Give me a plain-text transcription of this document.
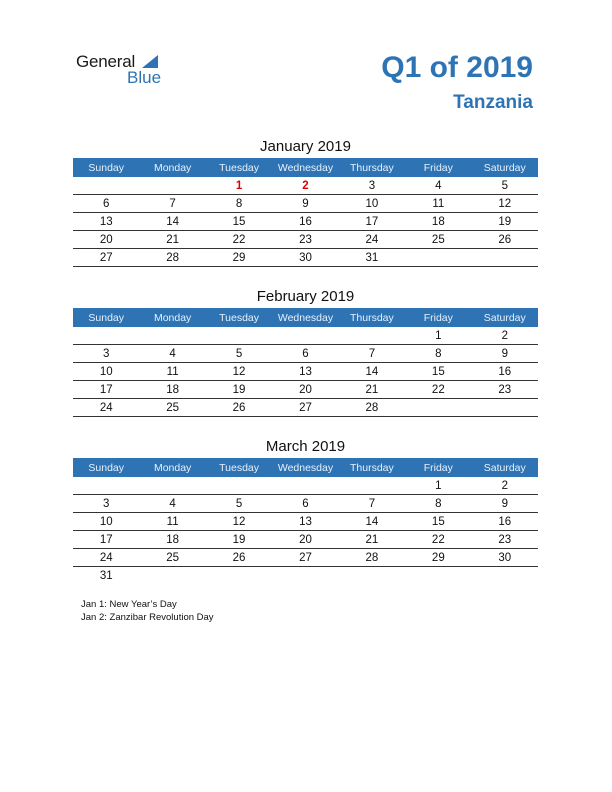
General
Blue	Q1 of 2019
Tanzania
January 2019
Sunday	Monday	Tuesday	Wednesday	Thursday	Friday	Saturday
		1	2	3	4	5
6	7	8	9	10	11	12
13	14	15	16	17	18	19
20	21	22	23	24	25	26
27	28	29	30	31		
February 2019
Sunday	Monday	Tuesday	Wednesday	Thursday	Friday	Saturday
					1	2
3	4	5	6	7	8	9
10	11	12	13	14	15	16
17	18	19	20	21	22	23
24	25	26	27	28		
March 2019
Sunday	Monday	Tuesday	Wednesday	Thursday	Friday	Saturday
					1	2
3	4	5	6	7	8	9
10	11	12	13	14	15	16
17	18	19	20	21	22	23
24	25	26	27	28	29	30
31						
Jan 1: New Year’s Day
Jan 2: Zanzibar Revolution Day
